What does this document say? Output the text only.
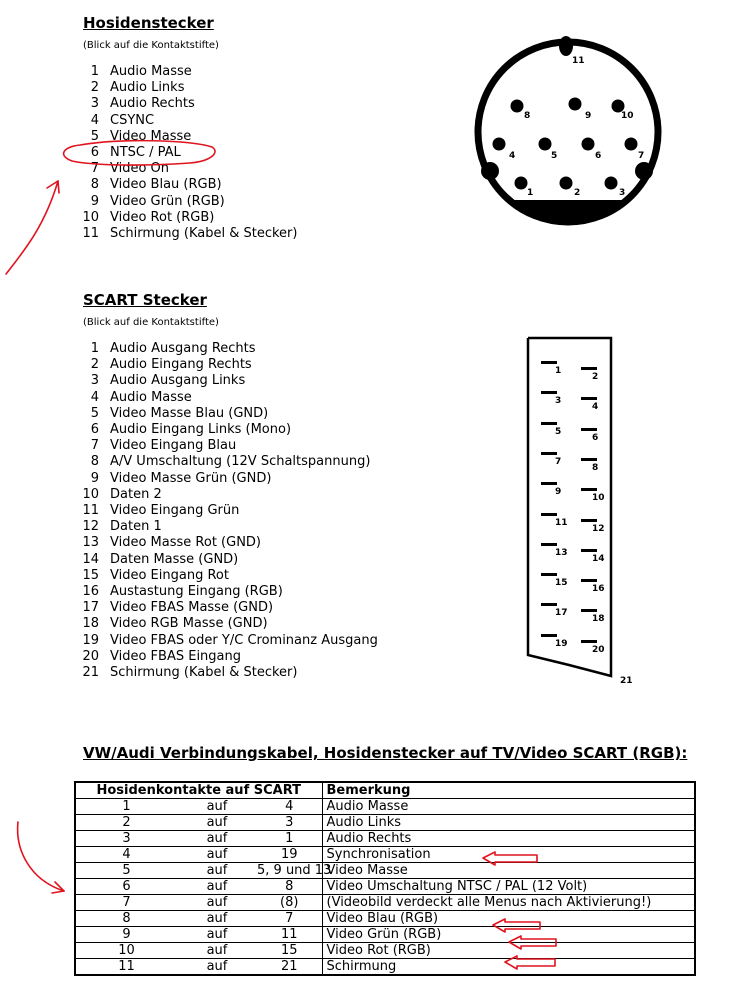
Hosidenstecker
(Blick auf die Kontaktstifte)
1 Audio Masse
2 Audio Links
3 Audio Rechts
4 CSYNC
5 Video Masse
6 NTSC / PAL
7 Video On
8 Video Blau (RGB)
9 Video Grün (RGB)
10 Video Rot (RGB)
11 Schirmung (Kabel & Stecker)
11
8	9	10
4	5	6	7
1	2	3
SCART Stecker
(Blick auf die Kontaktstifte)
1 Audio Ausgang Rechts
2 Audio Eingang Rechts
3 Audio Ausgang Links
4 Audio Masse
5 Video Masse Blau (GND)
6 Audio Eingang Links (Mono)
7 Video Eingang Blau
8 A/V Umschaltung (12V Schaltspannung)
9 Video Masse Grün (GND)
10 Daten 2
11 Video Eingang Grün
12 Daten 1
13 Video Masse Rot (GND)
14 Daten Masse (GND)
15 Video Eingang Rot
16 Austastung Eingang (RGB)
17 Video FBAS Masse (GND)
18 Video RGB Masse (GND)
19 Video FBAS oder Y/C Crominanz Ausgang
20 Video FBAS Eingang
21 Schirmung (Kabel & Stecker)
1
2
3
4
5
6
7
8
9
10
11
12
13
14
15
16
17
18
19
20
21
VW/Audi Verbindungskabel, Hosidenstecker auf TV/Video SCART (RGB):
Hosidenkontakte auf SCART			Bemerkung
1	auf	4	Audio Masse
2	auf	3	Audio Links
3	auf	1	Audio Rechts
4	auf	19	Synchronisation
5	auf	5, 9 und 13	Video Masse
6	auf	8	Video Umschaltung NTSC / PAL (12 Volt)
7	auf	(8)	(Videobild verdeckt alle Menus nach Aktivierung!)
8	auf	7	Video Blau (RGB)
9	auf	11	Video Grün (RGB)
10	auf	15	Video Rot (RGB)
11	auf	21	Schirmung
